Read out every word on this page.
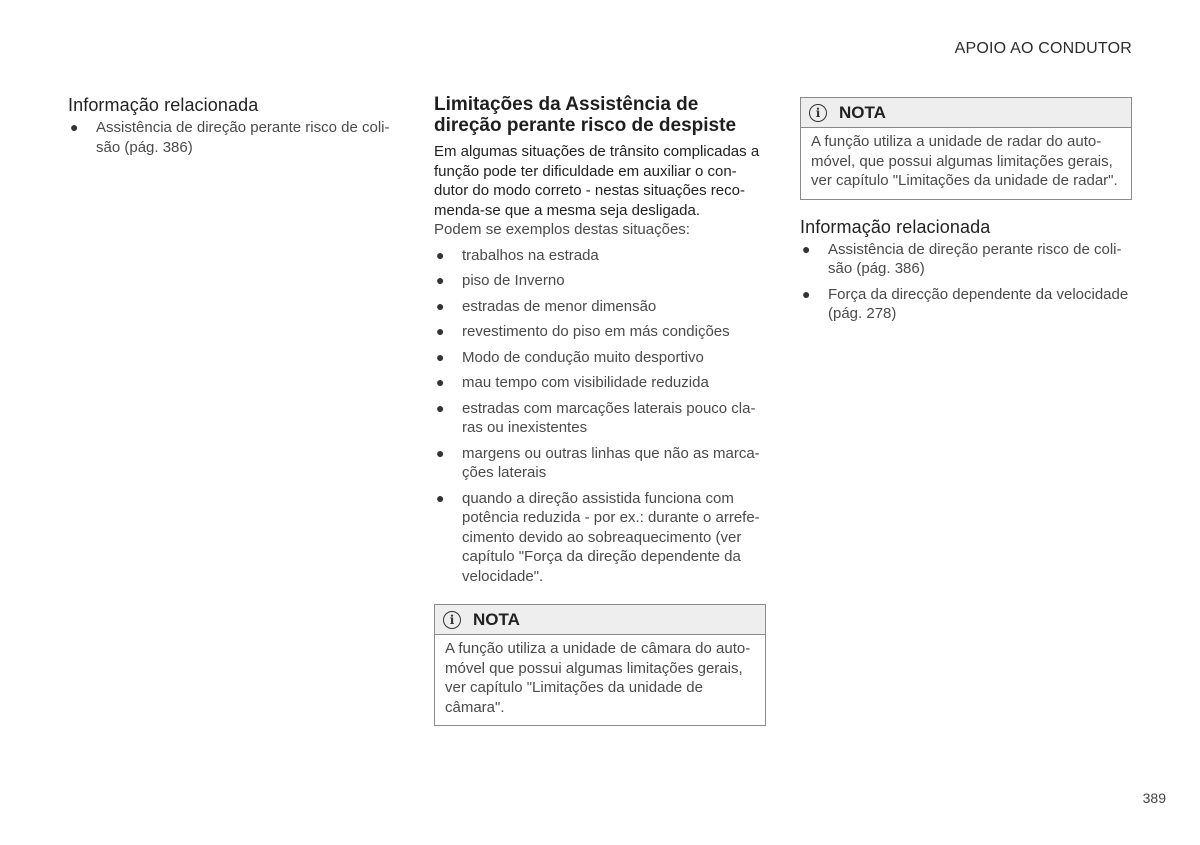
APOIO AO CONDUTOR
Informação relacionada
● Assistência de direção perante risco de coli-
são (pág. 386)
Limitações da Assistência de
direção perante risco de despiste

Em algumas situações de trânsito complicadas a função pode ter dificuldade em auxiliar o con- dutor do modo correto - nestas situações reco- menda-se que a mesma seja desligada.

Podem se exemplos destas situações:

● trabalhos na estrada
● piso de Inverno
● estradas de menor dimensão
● revestimento do piso em más condições
● Modo de condução muito desportivo
● mau tempo com visibilidade reduzida
● estradas com marcações laterais pouco cla- ras ou inexistentes
● margens ou outras linhas que não as marca- ções laterais
● quando a direção assistida funciona com potência reduzida - por ex.: durante o arrefe- cimento devido ao sobreaquecimento (ver capítulo "Força da direção dependente da velocidade".
i	NOTA
A função utiliza a unidade de câmara do auto- móvel que possui algumas limitações gerais, ver capítulo "Limitações da unidade de câmara".
i	NOTA
A função utiliza a unidade de radar do auto- móvel, que possui algumas limitações gerais, ver capítulo "Limitações da unidade de radar".
Informação relacionada
● Assistência de direção perante risco de coli- são (pág. 386)
● Força da direcção dependente da velocidade (pág. 278)
389
